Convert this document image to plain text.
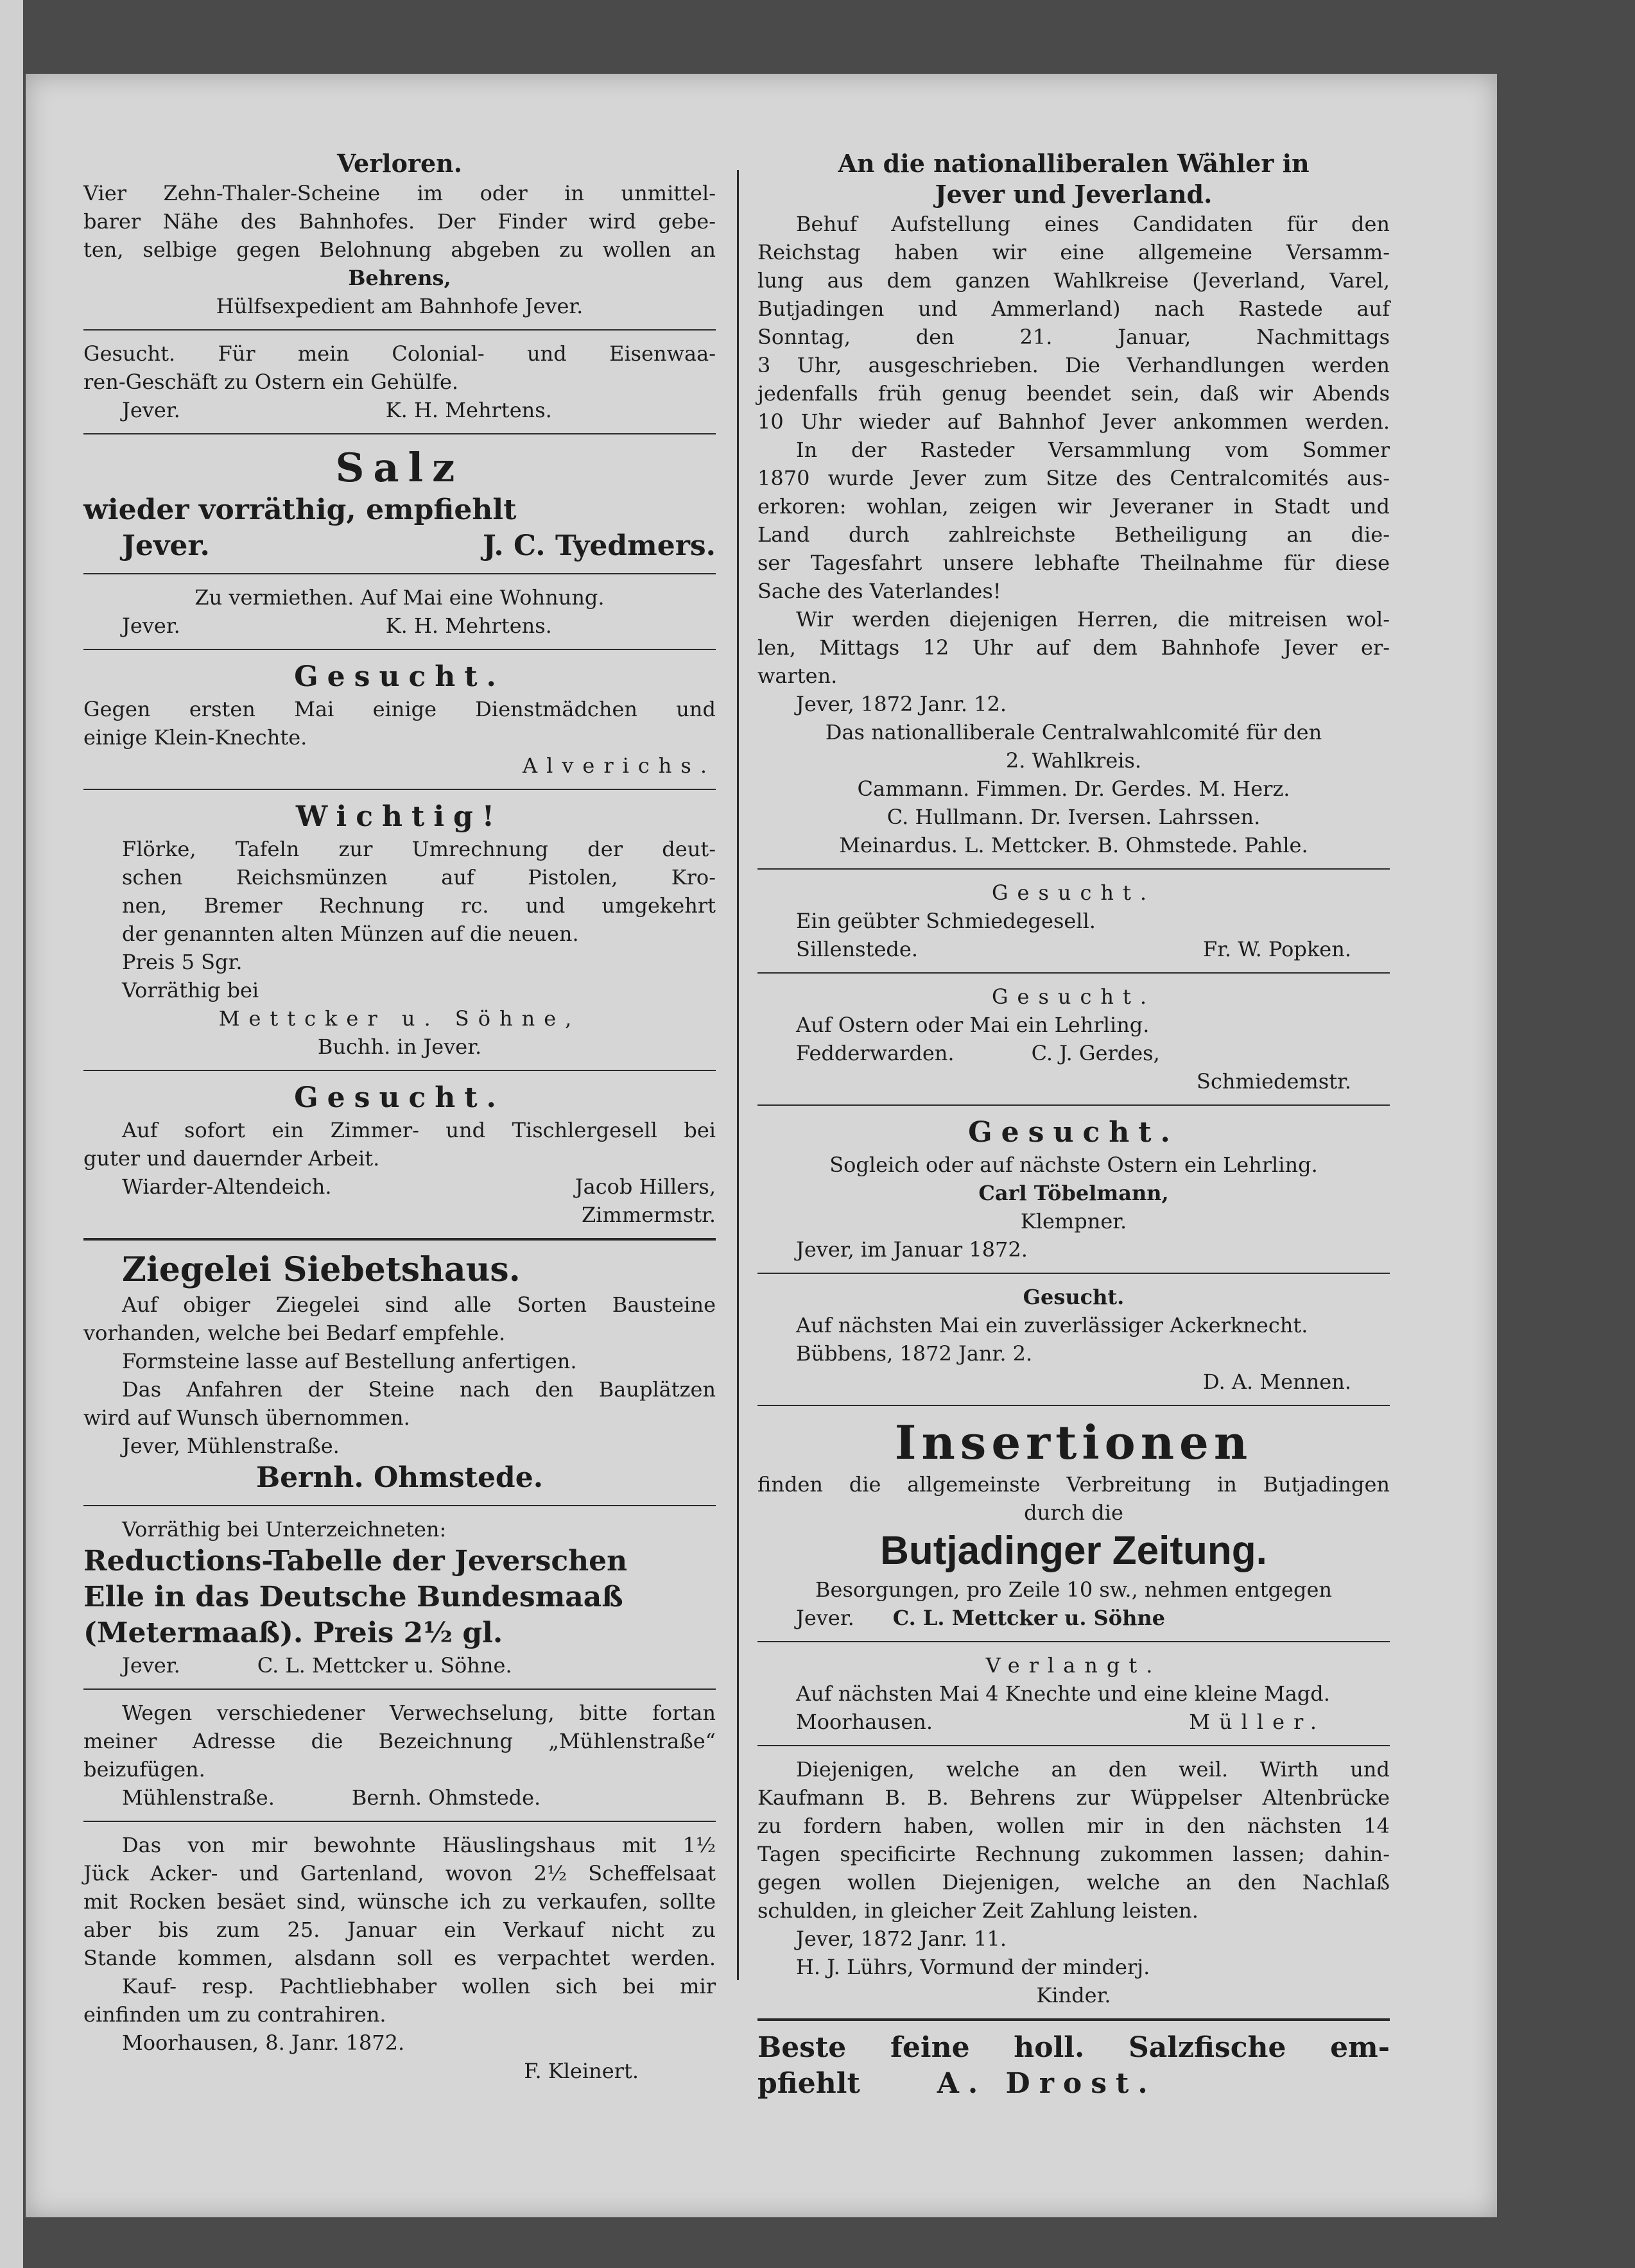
Verloren.

Vier Zehn-Thaler-Scheine im oder in unmittel-

barer Nähe des Bahnhofes. Der Finder wird gebe-

ten, selbige gegen Belohnung abgeben zu wollen an

Behrens,

Hülfsexpedient am Bahnhofe Jever.

Gesucht. Für mein Colonial- und Eisenwaa-

ren-Geschäft zu Ostern ein Gehülfe.

Jever.	K. H. Mehrtens.

Salz

wieder vorräthig, empfiehlt

Jever.	J. C. Tyedmers.

Zu vermiethen. Auf Mai eine Wohnung.

Jever.	K. H. Mehrtens.

Gesucht.

Gegen ersten Mai einige Dienstmädchen und

einige Klein-Knechte.

Alverichs.

Wichtig!

Flörke, Tafeln zur Umrechnung der deut-

schen Reichsmünzen auf Pistolen, Kro-

nen, Bremer Rechnung rc. und umgekehrt

der genannten alten Münzen auf die neuen.

Preis 5 Sgr.

Vorräthig bei

Mettcker u. Söhne,

Buchh. in Jever.

Gesucht.

Auf sofort ein Zimmer- und Tischlergesell bei

guter und dauernder Arbeit.

Wiarder-Altendeich.	Jacob Hillers,

Zimmermstr.

Ziegelei Siebetshaus.

Auf obiger Ziegelei sind alle Sorten Bausteine

vorhanden, welche bei Bedarf empfehle.

Formsteine lasse auf Bestellung anfertigen.

Das Anfahren der Steine nach den Bauplätzen

wird auf Wunsch übernommen.

Jever, Mühlenstraße.

Bernh. Ohmstede.

Vorräthig bei Unterzeichneten:

Reductions-Tabelle der Jeverschen

Elle in das Deutsche Bundesmaaß

(Metermaaß). Preis 2½ gl.

Jever.	C. L. Mettcker u. Söhne.

Wegen verschiedener Verwechselung, bitte fortan

meiner Adresse die Bezeichnung „Mühlenstraße“

beizufügen.

Mühlenstraße.	Bernh. Ohmstede.

Das von mir bewohnte Häuslingshaus mit 1½

Jück Acker- und Gartenland, wovon 2½ Scheffelsaat

mit Rocken besäet sind, wünsche ich zu verkaufen, sollte

aber bis zum 25. Januar ein Verkauf nicht zu

Stande kommen, alsdann soll es verpachtet werden.

Kauf- resp. Pachtliebhaber wollen sich bei mir

einfinden um zu contrahiren.

Moorhausen, 8. Janr. 1872.

F. Kleinert.

An die nationalliberalen Wähler in

Jever und Jeverland.

Behuf Aufstellung eines Candidaten für den

Reichstag haben wir eine allgemeine Versamm-

lung aus dem ganzen Wahlkreise (Jeverland, Varel,

Butjadingen und Ammerland) nach Rastede auf

Sonntag, den 21. Januar, Nachmittags

3 Uhr, ausgeschrieben. Die Verhandlungen werden

jedenfalls früh genug beendet sein, daß wir Abends

10 Uhr wieder auf Bahnhof Jever ankommen werden.

In der Rasteder Versammlung vom Sommer

1870 wurde Jever zum Sitze des Centralcomités aus-

erkoren: wohlan, zeigen wir Jeveraner in Stadt und

Land durch zahlreichste Betheiligung an die-

ser Tagesfahrt unsere lebhafte Theilnahme für diese

Sache des Vaterlandes!

Wir werden diejenigen Herren, die mitreisen wol-

len, Mittags 12 Uhr auf dem Bahnhofe Jever er-

warten.

Jever, 1872 Janr. 12.

Das nationalliberale Centralwahlcomité für den

2. Wahlkreis.

Cammann. Fimmen. Dr. Gerdes. M. Herz.

C. Hullmann. Dr. Iversen. Lahrssen.

Meinardus. L. Mettcker. B. Ohmstede. Pahle.

Gesucht.

Ein geübter Schmiedegesell.

Sillenstede.	Fr. W. Popken.

Gesucht.

Auf Ostern oder Mai ein Lehrling.

Fedderwarden.	C. J. Gerdes,

Schmiedemstr.

Gesucht.

Sogleich oder auf nächste Ostern ein Lehrling.

Carl Töbelmann,

Klempner.

Jever, im Januar 1872.

Gesucht.

Auf nächsten Mai ein zuverlässiger Ackerknecht.

Bübbens, 1872 Janr. 2.

D. A. Mennen.

Insertionen

finden die allgemeinste Verbreitung in Butjadingen

durch die

Butjadinger Zeitung.

Besorgungen, pro Zeile 10 sw., nehmen entgegen

Jever. C. L. Mettcker u. Söhne

Verlangt.

Auf nächsten Mai 4 Knechte und eine kleine Magd.

Moorhausen.	Müller.

Diejenigen, welche an den weil. Wirth und

Kaufmann B. B. Behrens zur Wüppelser Altenbrücke

zu fordern haben, wollen mir in den nächsten 14

Tagen specificirte Rechnung zukommen lassen; dahin-

gegen wollen Diejenigen, welche an den Nachlaß

schulden, in gleicher Zeit Zahlung leisten.

Jever, 1872 Janr. 11.

H. J. Lührs, Vormund der minderj.

Kinder.

Beste feine holl. Salzfische em-

pfiehlt	A. Drost.
